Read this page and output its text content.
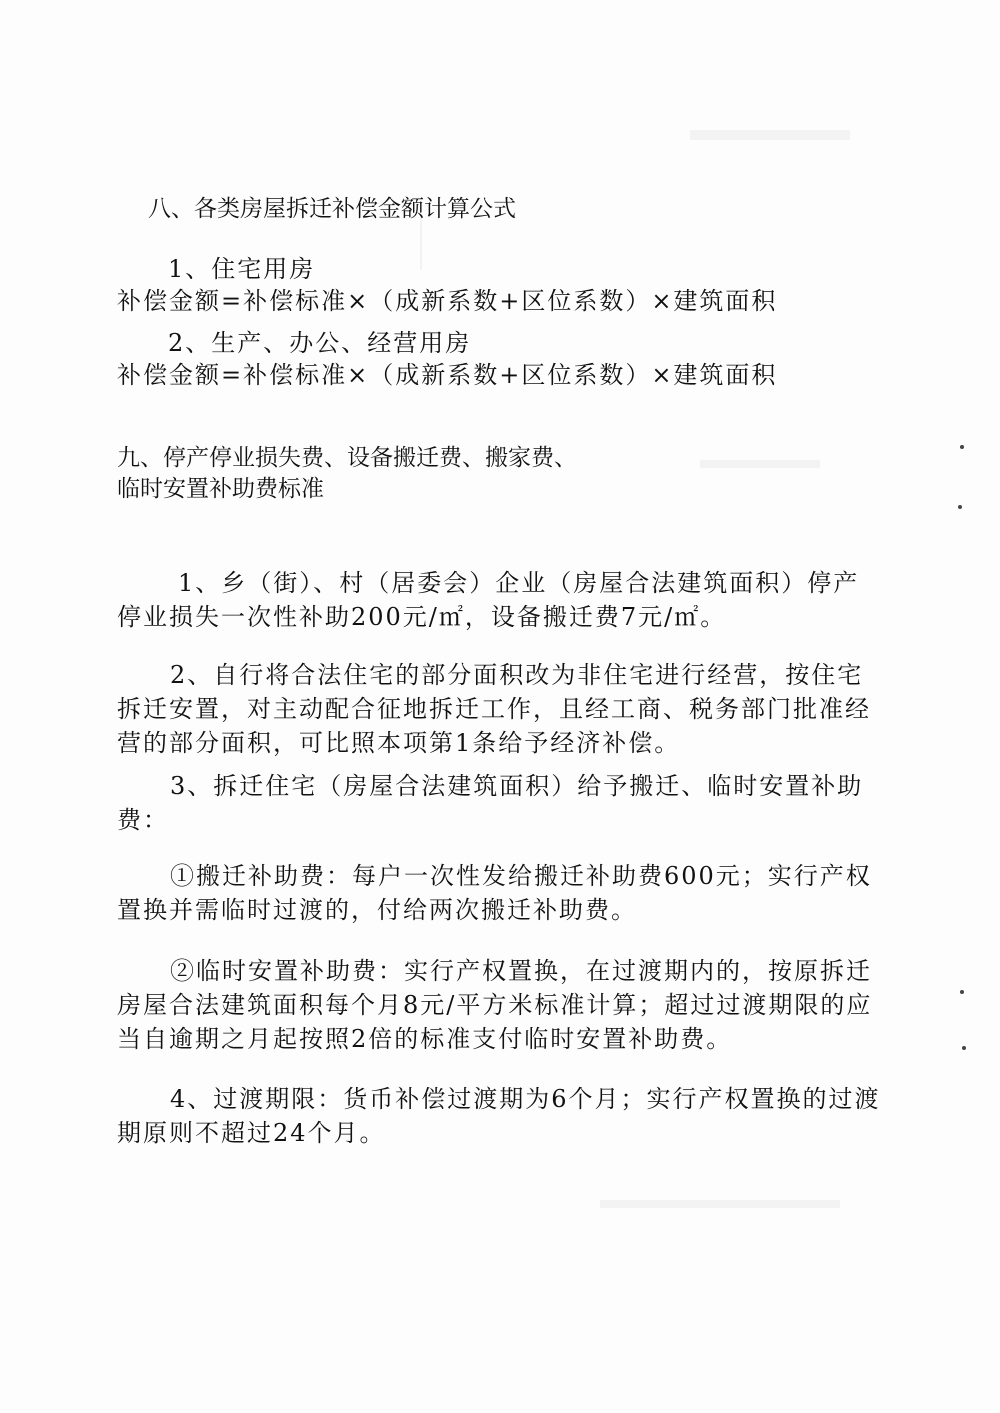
八、各类房屋拆迁补偿金额计算公式
1、住宅用房
补偿金额=补偿标准×（成新系数+区位系数）×建筑面积
2、生产、办公、经营用房
补偿金额=补偿标准×（成新系数+区位系数）×建筑面积
九、停产停业损失费、设备搬迁费、搬家费、
临时安置补助费标准
1、乡（街）、村（居委会）企业（房屋合法建筑面积）停产
停业损失一次性补助200元/㎡，设备搬迁费7元/㎡。
2、自行将合法住宅的部分面积改为非住宅进行经营，按住宅
拆迁安置，对主动配合征地拆迁工作，且经工商、税务部门批准经
营的部分面积，可比照本项第1条给予经济补偿。
3、拆迁住宅（房屋合法建筑面积）给予搬迁、临时安置补助
费：
①搬迁补助费：每户一次性发给搬迁补助费600元；实行产权
置换并需临时过渡的，付给两次搬迁补助费。
②临时安置补助费：实行产权置换，在过渡期内的，按原拆迁
房屋合法建筑面积每个月8元/平方米标准计算；超过过渡期限的应
当自逾期之月起按照2倍的标准支付临时安置补助费。
4、过渡期限：货币补偿过渡期为6个月；实行产权置换的过渡
期原则不超过24个月。
